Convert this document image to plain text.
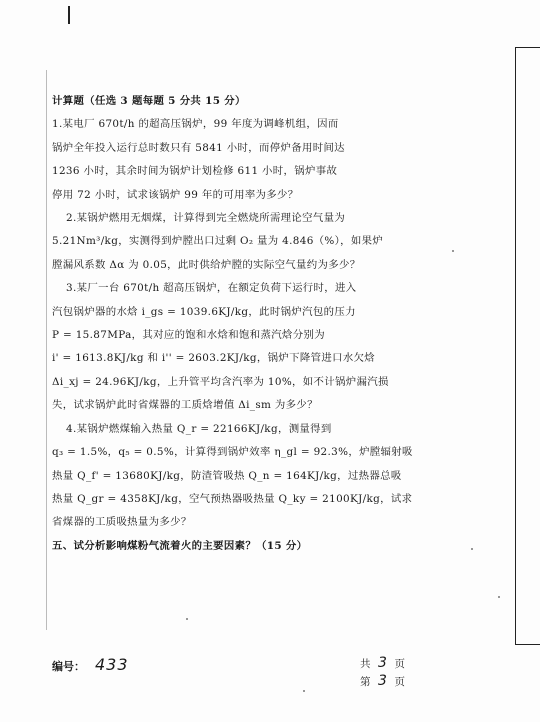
计算题（任选 3 题每题 5 分共 15 分）

1.某电厂 670t/h 的超高压锅炉，99 年度为调峰机组，因而

锅炉全年投入运行总时数只有 5841 小时，而停炉备用时间达

1236 小时，其余时间为锅炉计划检修 611 小时，锅炉事故

停用 72 小时，试求该锅炉 99 年的可用率为多少？

2.某锅炉燃用无烟煤，计算得到完全燃烧所需理论空气量为

5.21Nm³/kg，实测得到炉膛出口过剩 O₂ 量为 4.846（%），如果炉

膛漏风系数 Δα 为 0.05，此时供给炉膛的实际空气量约为多少？

3.某厂一台 670t/h 超高压锅炉，在额定负荷下运行时，进入

汽包锅炉器的水焓 i_gs = 1039.6KJ/kg，此时锅炉汽包的压力

P = 15.87MPa，其对应的饱和水焓和饱和蒸汽焓分别为

i' = 1613.8KJ/kg 和 i'' = 2603.2KJ/kg，锅炉下降管进口水欠焓

Δi_xj = 24.96KJ/kg，上升管平均含汽率为 10%，如不计锅炉漏汽损

失，试求锅炉此时省煤器的工质焓增值 Δi_sm 为多少？

4.某锅炉燃煤输入热量 Q_r = 22166KJ/kg，测量得到

q₃ = 1.5%，q₅ = 0.5%，计算得到锅炉效率 η_gl = 92.3%，炉膛辐射吸

热量 Q_f' = 13680KJ/kg，防渣管吸热 Q_n = 164KJ/kg，过热器总吸

热量 Q_gr = 4358KJ/kg，空气预热器吸热量 Q_ky = 2100KJ/kg，试求

省煤器的工质吸热量为多少？

五、试分析影响煤粉气流着火的主要因素？（15 分）

编号： 433	共 3 页
第 3 页
